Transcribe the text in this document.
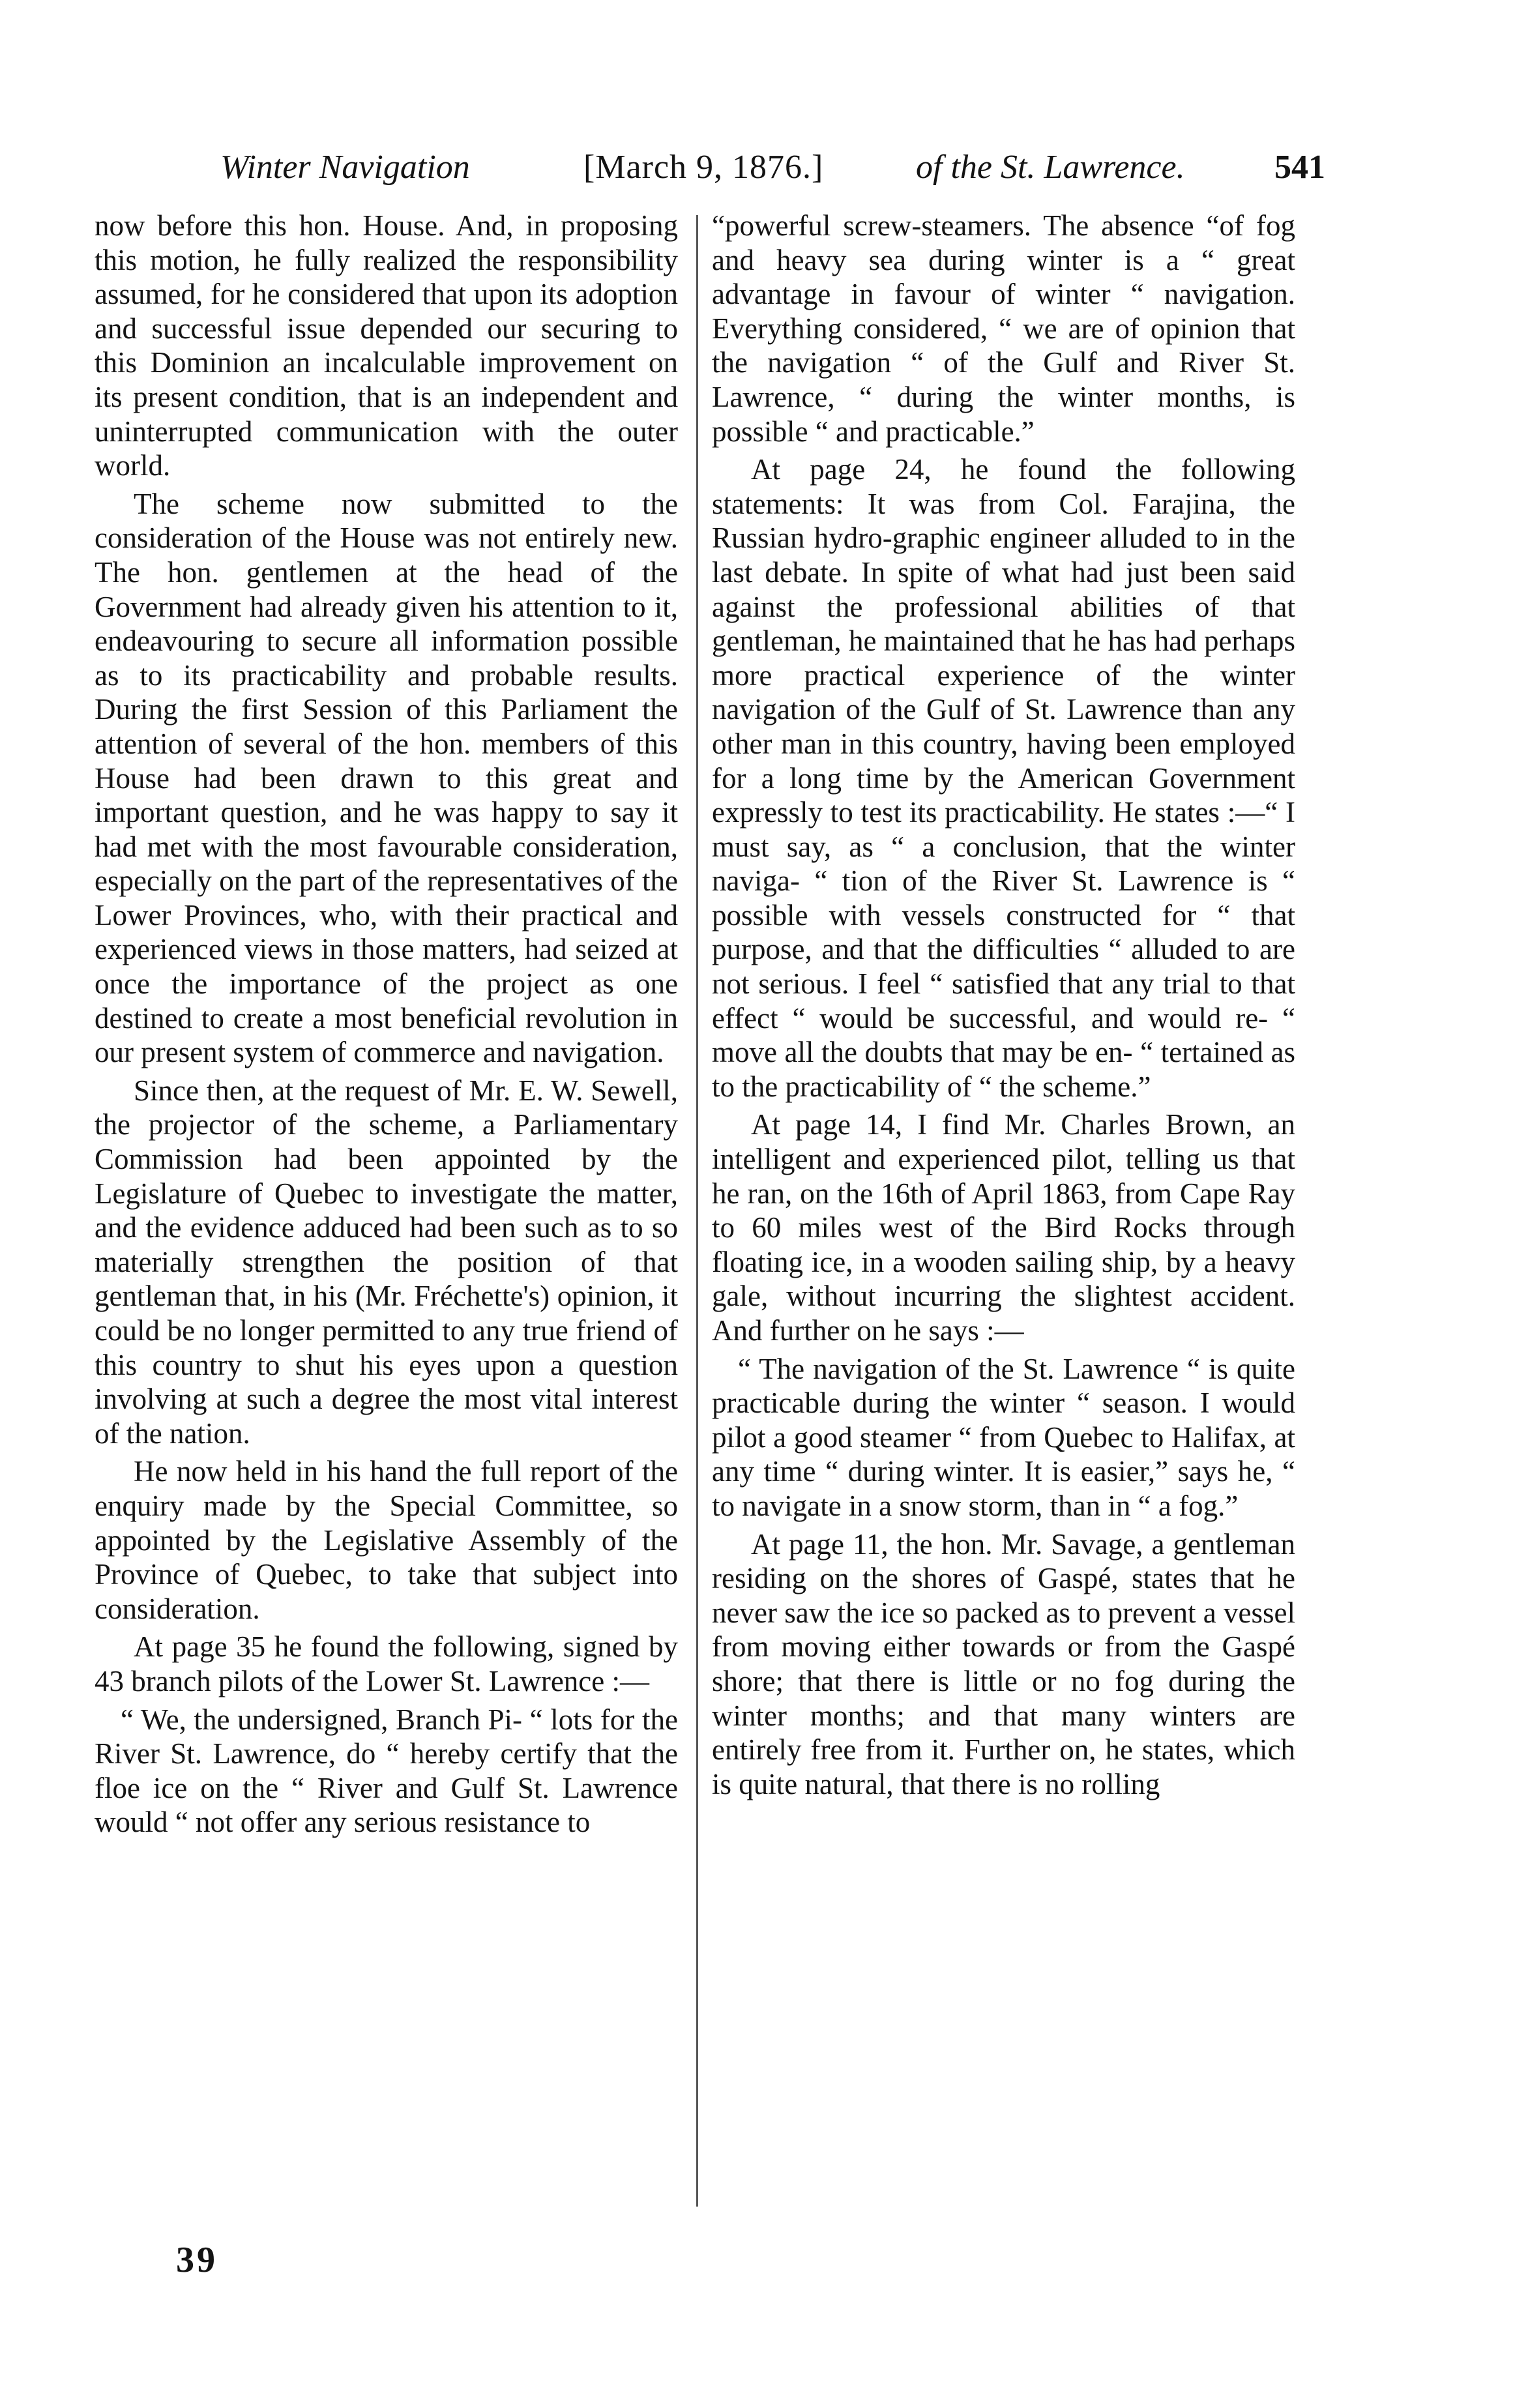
Winter Navigation	[March 9, 1876.]	of the St. Lawrence.	541

now before this hon. House. And, in proposing this motion, he fully realized the responsibility assumed, for he considered that upon its adoption and successful issue depended our securing to this Dominion an incalculable improvement on its present condition, that is an independent and uninterrupted communication with the outer world.

The scheme now submitted to the consideration of the House was not entirely new. The hon. gentlemen at the head of the Government had already given his attention to it, endeavouring to secure all information possible as to its practicability and probable results. During the first Session of this Parliament the attention of several of the hon. members of this House had been drawn to this great and important question, and he was happy to say it had met with the most favourable consideration, especially on the part of the representatives of the Lower Provinces, who, with their practical and experienced views in those matters, had seized at once the importance of the project as one destined to create a most beneficial revolution in our present system of commerce and navigation.

Since then, at the request of Mr. E. W. Sewell, the projector of the scheme, a Parliamentary Commission had been appointed by the Legislature of Quebec to investigate the matter, and the evidence adduced had been such as to so materially strengthen the position of that gentleman that, in his (Mr. Fréchette's) opinion, it could be no longer permitted to any true friend of this country to shut his eyes upon a question involving at such a degree the most vital interest of the nation.

He now held in his hand the full report of the enquiry made by the Special Committee, so appointed by the Legislative Assembly of the Province of Quebec, to take that subject into consideration.

At page 35 he found the following, signed by 43 branch pilots of the Lower St. Lawrence :—

“ We, the undersigned, Branch Pi- “ lots for the River St. Lawrence, do “ hereby certify that the floe ice on the “ River and Gulf St. Lawrence would “ not offer any serious resistance to

“powerful screw-steamers. The absence “of fog and heavy sea during winter is a “ great advantage in favour of winter “ navigation. Everything considered, “ we are of opinion that the navigation “ of the Gulf and River St. Lawrence, “ during the winter months, is possible “ and practicable.”

At page 24, he found the following statements: It was from Col. Farajina, the Russian hydro-graphic engineer alluded to in the last debate. In spite of what had just been said against the professional abilities of that gentleman, he maintained that he has had perhaps more practical experience of the winter navigation of the Gulf of St. Lawrence than any other man in this country, having been employed for a long time by the American Government expressly to test its practicability. He states :—“ I must say, as “ a conclusion, that the winter naviga- “ tion of the River St. Lawrence is “ possible with vessels constructed for “ that purpose, and that the difficulties “ alluded to are not serious. I feel “ satisfied that any trial to that effect “ would be successful, and would re- “ move all the doubts that may be en- “ tertained as to the practicability of “ the scheme.”

At page 14, I find Mr. Charles Brown, an intelligent and experienced pilot, telling us that he ran, on the 16th of April 1863, from Cape Ray to 60 miles west of the Bird Rocks through floating ice, in a wooden sailing ship, by a heavy gale, without incurring the slightest accident. And further on he says :—

“ The navigation of the St. Lawrence “ is quite practicable during the winter “ season. I would pilot a good steamer “ from Quebec to Halifax, at any time “ during winter. It is easier,” says he, “ to navigate in a snow storm, than in “ a fog.”

At page 11, the hon. Mr. Savage, a gentleman residing on the shores of Gaspé, states that he never saw the ice so packed as to prevent a vessel from moving either towards or from the Gaspé shore; that there is little or no fog during the winter months; and that many winters are entirely free from it. Further on, he states, which is quite natural, that there is no rolling

39
